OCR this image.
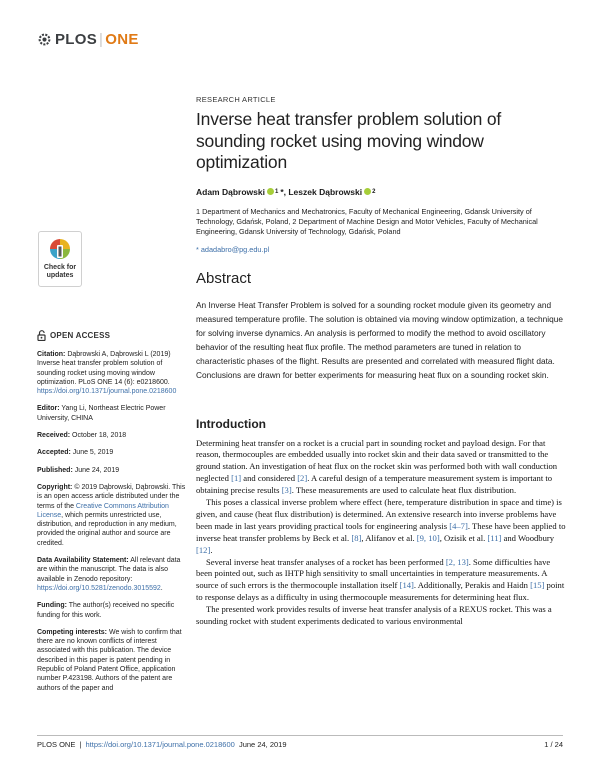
PLOS | ONE
Check for
updates
OPEN ACCESS

Citation: Dąbrowski A, Dąbrowski L (2019) Inverse heat transfer problem solution of sounding rocket using moving window optimization. PLoS ONE 14 (6): e0218600. https://doi.org/10.1371/journal.pone.0218600

Editor: Yang Li, Northeast Electric Power University, CHINA

Received: October 18, 2018

Accepted: June 5, 2019

Published: June 24, 2019

Copyright: © 2019 Dąbrowski, Dąbrowski. This is an open access article distributed under the terms of the Creative Commons Attribution License, which permits unrestricted use, distribution, and reproduction in any medium, provided the original author and source are credited.

Data Availability Statement: All relevant data are within the manuscript. The data is also available in Zenodo repository: https://doi.org/10.5281/zenodo.3015592.

Funding: The author(s) received no specific funding for this work.

Competing interests: We wish to confirm that there are no known conflicts of interest associated with this publication. The device described in this paper is patent pending in Republic of Poland Patent Office, application number P.423198. Authors of the patent are authors of the paper and

RESEARCH ARTICLE
Inverse heat transfer problem solution of sounding rocket using moving window optimization
Adam Dąbrowski 1 *,
Leszek Dąbrowski 2
1 Department of Mechanics and Mechatronics, Faculty of Mechanical Engineering, Gdansk University of Technology, Gdańsk, Poland, 2 Department of Machine Design and Motor Vehicles, Faculty of Mechanical Engineering, Gdansk University of Technology, Gdańsk, Poland
* adadabro@pg.edu.pl
Abstract
An Inverse Heat Transfer Problem is solved for a sounding rocket module given its geometry and measured temperature profile. The solution is obtained via moving window optimization, a technique for solving inverse dynamics. An analysis is performed to modify the method to avoid oscillatory behavior of the resulting heat flux profile. The method parameters are tuned in relation to characteristic phases of the flight. Results are presented and correlated with measured flight data. Conclusions are drawn for better experiments for measuring heat flux on a sounding rocket skin.
Introduction

Determining heat transfer on a rocket is a crucial part in sounding rocket and payload design. For that reason, thermocouples are embedded usually into rocket skin and their data saved or transmitted to the ground station. An investigation of heat flux on the rocket skin was performed both with wall conduction neglected [1] and considered [2]. A careful design of a temperature measurement system is important to obtaining precise results [3]. These measurements are used to calculate heat flux distribution.

This poses a classical inverse problem where effect (here, temperature distribution in space and time) is given, and cause (heat flux distribution) is determined. An extensive research into inverse problems have been made in last years providing practical tools for engineering analysis [4–7]. These have been applied to inverse heat transfer problems by Beck et al. [8], Alifanov et al. [9, 10], Ozisik et al. [11] and Woodbury [12].

Several inverse heat transfer analyses of a rocket has been performed [2, 13]. Some difficulties have been pointed out, such as IHTP high sensitivity to small uncertainties in temperature measurements. A source of such errors is the thermocouple installation itself [14]. Additionally, Perakis and Haidn [15] point to response delays as a difficulty in using thermocouple measurements for determining heat flux.

The presented work provides results of inverse heat transfer analysis of a REXUS rocket. This was a sounding rocket with student experiments dedicated to various environmental

PLOS ONE | https://doi.org/10.1371/journal.pone.0218600 June 24, 2019	1 / 24
